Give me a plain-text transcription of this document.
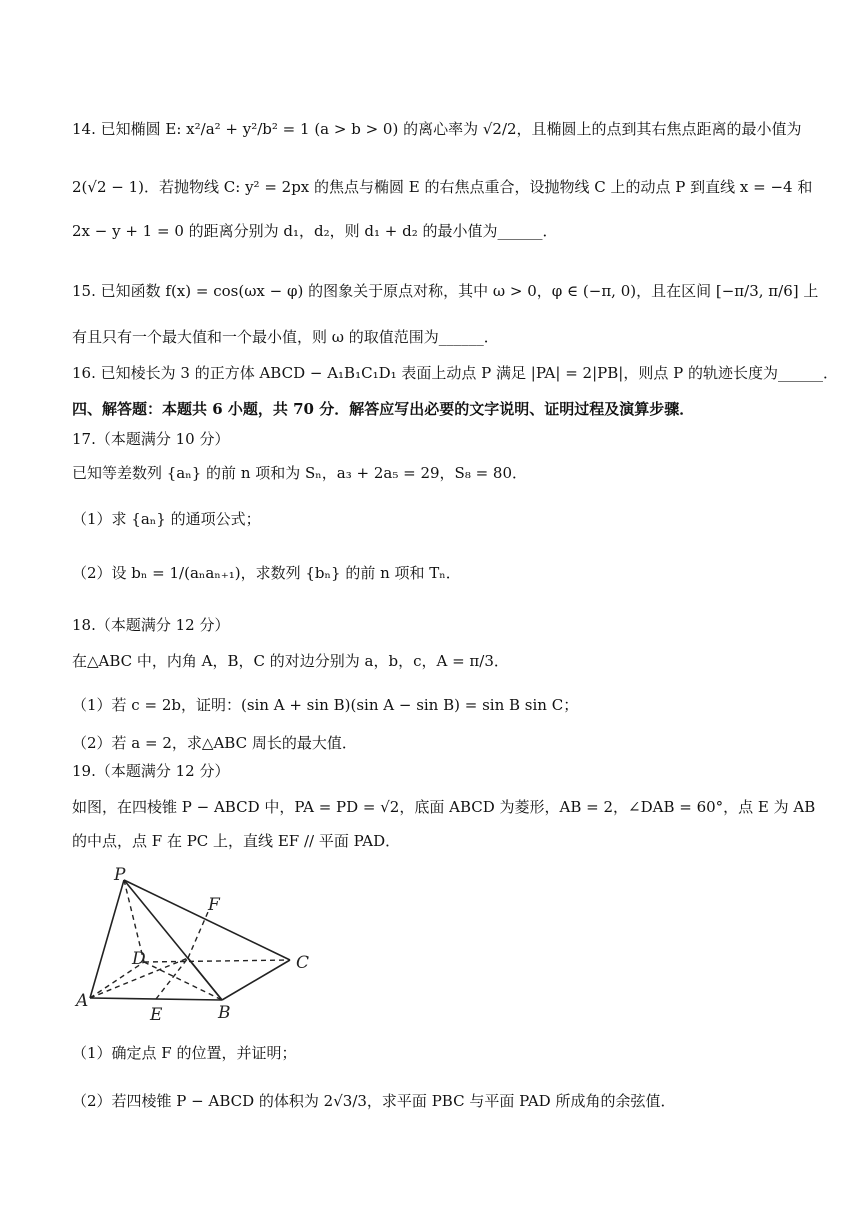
14. 已知椭圆 E: x²/a² + y²/b² = 1 (a > b > 0) 的离心率为 √2/2，且椭圆上的点到其右焦点距离的最小值为
2(√2 − 1)．若抛物线 C: y² = 2px 的焦点与椭圆 E 的右焦点重合，设抛物线 C 上的动点 P 到直线 x = −4 和
2x − y + 1 = 0 的距离分别为 d₁，d₂，则 d₁ + d₂ 的最小值为______．
15. 已知函数 f(x) = cos(ωx − φ) 的图象关于原点对称，其中 ω > 0，φ ∈ (−π, 0)，且在区间 [−π/3, π/6] 上
有且只有一个最大值和一个最小值，则 ω 的取值范围为______．
16. 已知棱长为 3 的正方体 ABCD − A₁B₁C₁D₁ 表面上动点 P 满足 |PA| = 2|PB|，则点 P 的轨迹长度为______．
四、解答题：本题共 6 小题，共 70 分．解答应写出必要的文字说明、证明过程及演算步骤．
17.（本题满分 10 分）
已知等差数列 {aₙ} 的前 n 项和为 Sₙ，a₃ + 2a₅ = 29，S₈ = 80．
（1）求 {aₙ} 的通项公式；
（2）设 bₙ = 1/(aₙaₙ₊₁)，求数列 {bₙ} 的前 n 项和 Tₙ．
18.（本题满分 12 分）
在△ABC 中，内角 A，B，C 的对边分别为 a，b，c，A = π/3．
（1）若 c = 2b，证明：(sin A + sin B)(sin A − sin B) = sin B sin C；
（2）若 a = 2，求△ABC 周长的最大值．
19.（本题满分 12 分）
如图，在四棱锥 P − ABCD 中，PA = PD = √2，底面 ABCD 为菱形，AB = 2，∠DAB = 60°，点 E 为 AB
的中点，点 F 在 PC 上，直线 EF // 平面 PAD．
P
F
D	C
A
E	B
（1）确定点 F 的位置，并证明；
（2）若四棱锥 P − ABCD 的体积为 2√3/3，求平面 PBC 与平面 PAD 所成角的余弦值．
